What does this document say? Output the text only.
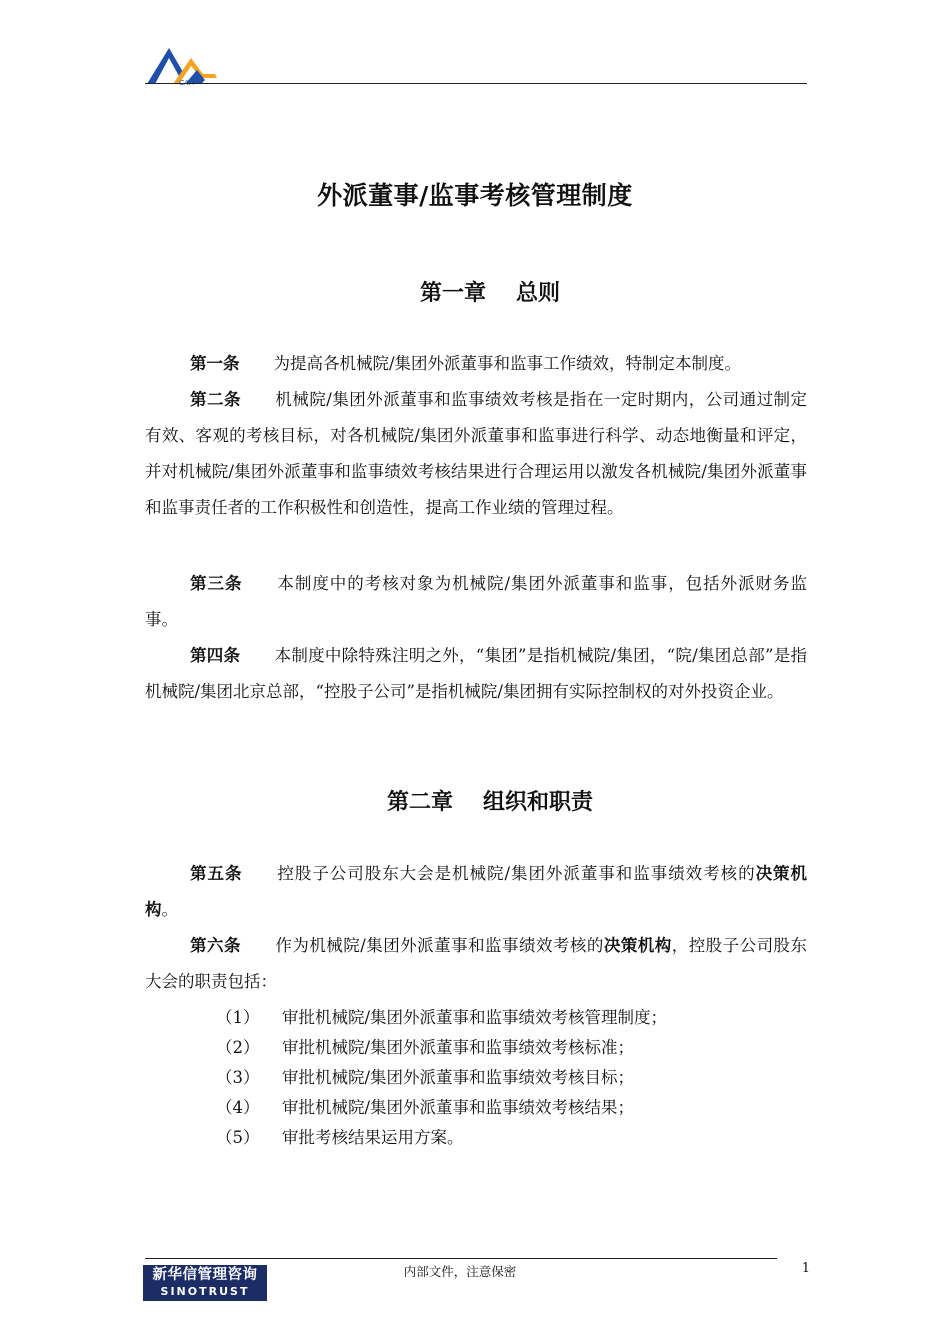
CAM
外派董事/监事考核管理制度
第一章 总则
第一条 为提高各机械院/集团外派董事和监事工作绩效，特制定本制度。
第二条 机械院/集团外派董事和监事绩效考核是指在一定时期内，公司通过制定有效、客观的考核目标，对各机械院/集团外派董事和监事进行科学、动态地衡量和评定，并对机械院/集团外派董事和监事绩效考核结果进行合理运用以激发各机械院/集团外派董事和监事责任者的工作积极性和创造性，提高工作业绩的管理过程。
第三条 本制度中的考核对象为机械院/集团外派董事和监事，包括外派财务监事。
第四条 本制度中除特殊注明之外，“集团”是指机械院/集团，“院/集团总部”是指机械院/集团北京总部，“控股子公司”是指机械院/集团拥有实际控制权的对外投资企业。
第二章 组织和职责
第五条 控股子公司股东大会是机械院/集团外派董事和监事绩效考核的决策机构。
第六条 作为机械院/集团外派董事和监事绩效考核的决策机构，控股子公司股东大会的职责包括：
（1） 审批机械院/集团外派董事和监事绩效考核管理制度；
（2） 审批机械院/集团外派董事和监事绩效考核标准；
（3） 审批机械院/集团外派董事和监事绩效考核目标；
（4） 审批机械院/集团外派董事和监事绩效考核结果；
（5） 审批考核结果运用方案。
新华信管理咨询
SINOTRUST
内部文件，注意保密	1
